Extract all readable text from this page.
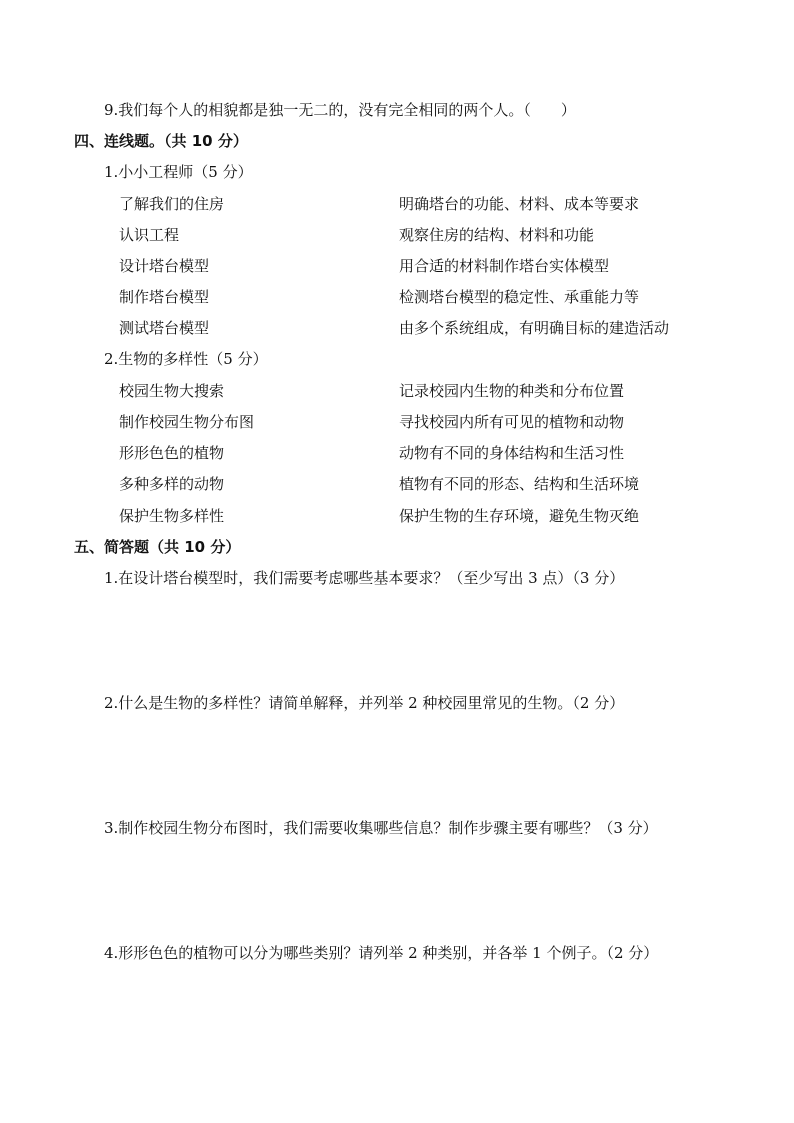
9.我们每个人的相貌都是独一无二的，没有完全相同的两个人。（　　）
四、连线题。（共 10 分）
1.小小工程师（5 分）
了解我们的住房	明确塔台的功能、材料、成本等要求
认识工程	观察住房的结构、材料和功能
设计塔台模型	用合适的材料制作塔台实体模型
制作塔台模型	检测塔台模型的稳定性、承重能力等
测试塔台模型	由多个系统组成，有明确目标的建造活动
2.生物的多样性（5 分）
校园生物大搜索	记录校园内生物的种类和分布位置
制作校园生物分布图	寻找校园内所有可见的植物和动物
形形色色的植物	动物有不同的身体结构和生活习性
多种多样的动物	植物有不同的形态、结构和生活环境
保护生物多样性	保护生物的生存环境，避免生物灭绝
五、简答题（共 10 分）
1.在设计塔台模型时，我们需要考虑哪些基本要求？（至少写出 3 点）（3 分）
2.什么是生物的多样性？请简单解释，并列举 2 种校园里常见的生物。（2 分）
3.制作校园生物分布图时，我们需要收集哪些信息？制作步骤主要有哪些？（3 分）
4.形形色色的植物可以分为哪些类别？请列举 2 种类别，并各举 1 个例子。（2 分）
